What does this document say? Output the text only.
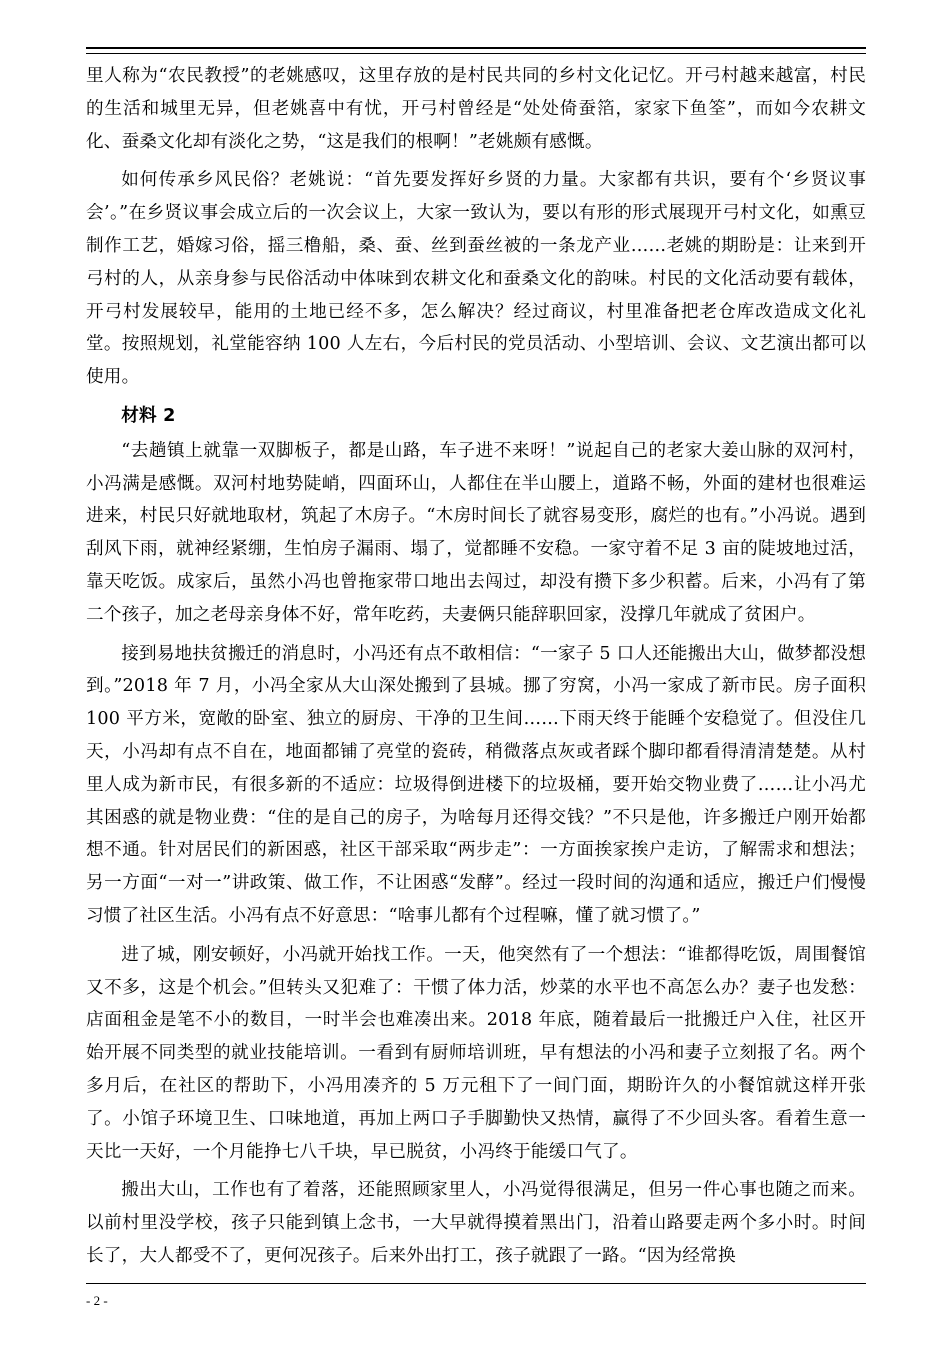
里人称为“农民教授”的老姚感叹，这里存放的是村民共同的乡村文化记忆。开弓村越来越富，村民的生活和城里无异，但老姚喜中有忧，开弓村曾经是“处处倚蚕箔，家家下鱼筌”，而如今农耕文化、蚕桑文化却有淡化之势，“这是我们的根啊！”老姚颇有感慨。

如何传承乡风民俗？老姚说：“首先要发挥好乡贤的力量。大家都有共识，要有个‘乡贤议事会’。”在乡贤议事会成立后的一次会议上，大家一致认为，要以有形的形式展现开弓村文化，如熏豆制作工艺，婚嫁习俗，摇三橹船，桑、蚕、丝到蚕丝被的一条龙产业……老姚的期盼是：让来到开弓村的人，从亲身参与民俗活动中体味到农耕文化和蚕桑文化的韵味。村民的文化活动要有载体，开弓村发展较早，能用的土地已经不多，怎么解决？经过商议，村里准备把老仓库改造成文化礼堂。按照规划，礼堂能容纳 100 人左右，今后村民的党员活动、小型培训、会议、文艺演出都可以使用。

材料 2

“去趟镇上就靠一双脚板子，都是山路，车子进不来呀！”说起自己的老家大姜山脉的双河村，小冯满是感慨。双河村地势陡峭，四面环山，人都住在半山腰上，道路不畅，外面的建材也很难运进来，村民只好就地取材，筑起了木房子。“木房时间长了就容易变形，腐烂的也有。”小冯说。遇到刮风下雨，就神经紧绷，生怕房子漏雨、塌了，觉都睡不安稳。一家守着不足 3 亩的陡坡地过活，靠天吃饭。成家后，虽然小冯也曾拖家带口地出去闯过，却没有攒下多少积蓄。后来，小冯有了第二个孩子，加之老母亲身体不好，常年吃药，夫妻俩只能辞职回家，没撑几年就成了贫困户。

接到易地扶贫搬迁的消息时，小冯还有点不敢相信：“一家子 5 口人还能搬出大山，做梦都没想到。”2018 年 7 月，小冯全家从大山深处搬到了县城。挪了穷窝，小冯一家成了新市民。房子面积 100 平方米，宽敞的卧室、独立的厨房、干净的卫生间……下雨天终于能睡个安稳觉了。但没住几天，小冯却有点不自在，地面都铺了亮堂的瓷砖，稍微落点灰或者踩个脚印都看得清清楚楚。从村里人成为新市民，有很多新的不适应：垃圾得倒进楼下的垃圾桶，要开始交物业费了……让小冯尤其困惑的就是物业费：“住的是自己的房子，为啥每月还得交钱？”不只是他，许多搬迁户刚开始都想不通。针对居民们的新困惑，社区干部采取“两步走”：一方面挨家挨户走访，了解需求和想法；另一方面“一对一”讲政策、做工作，不让困惑“发酵”。经过一段时间的沟通和适应，搬迁户们慢慢习惯了社区生活。小冯有点不好意思：“啥事儿都有个过程嘛，懂了就习惯了。”

进了城，刚安顿好，小冯就开始找工作。一天，他突然有了一个想法：“谁都得吃饭，周围餐馆又不多，这是个机会。”但转头又犯难了：干惯了体力活，炒菜的水平也不高怎么办？妻子也发愁：店面租金是笔不小的数目，一时半会也难凑出来。2018 年底，随着最后一批搬迁户入住，社区开始开展不同类型的就业技能培训。一看到有厨师培训班，早有想法的小冯和妻子立刻报了名。两个多月后，在社区的帮助下，小冯用凑齐的 5 万元租下了一间门面，期盼许久的小餐馆就这样开张了。小馆子环境卫生、口味地道，再加上两口子手脚勤快又热情，赢得了不少回头客。看着生意一天比一天好，一个月能挣七八千块，早已脱贫，小冯终于能缓口气了。

搬出大山，工作也有了着落，还能照顾家里人，小冯觉得很满足，但另一件心事也随之而来。以前村里没学校，孩子只能到镇上念书，一大早就得摸着黑出门，沿着山路要走两个多小时。时间长了，大人都受不了，更何况孩子。后来外出打工，孩子就跟了一路。“因为经常换

- 2 -
